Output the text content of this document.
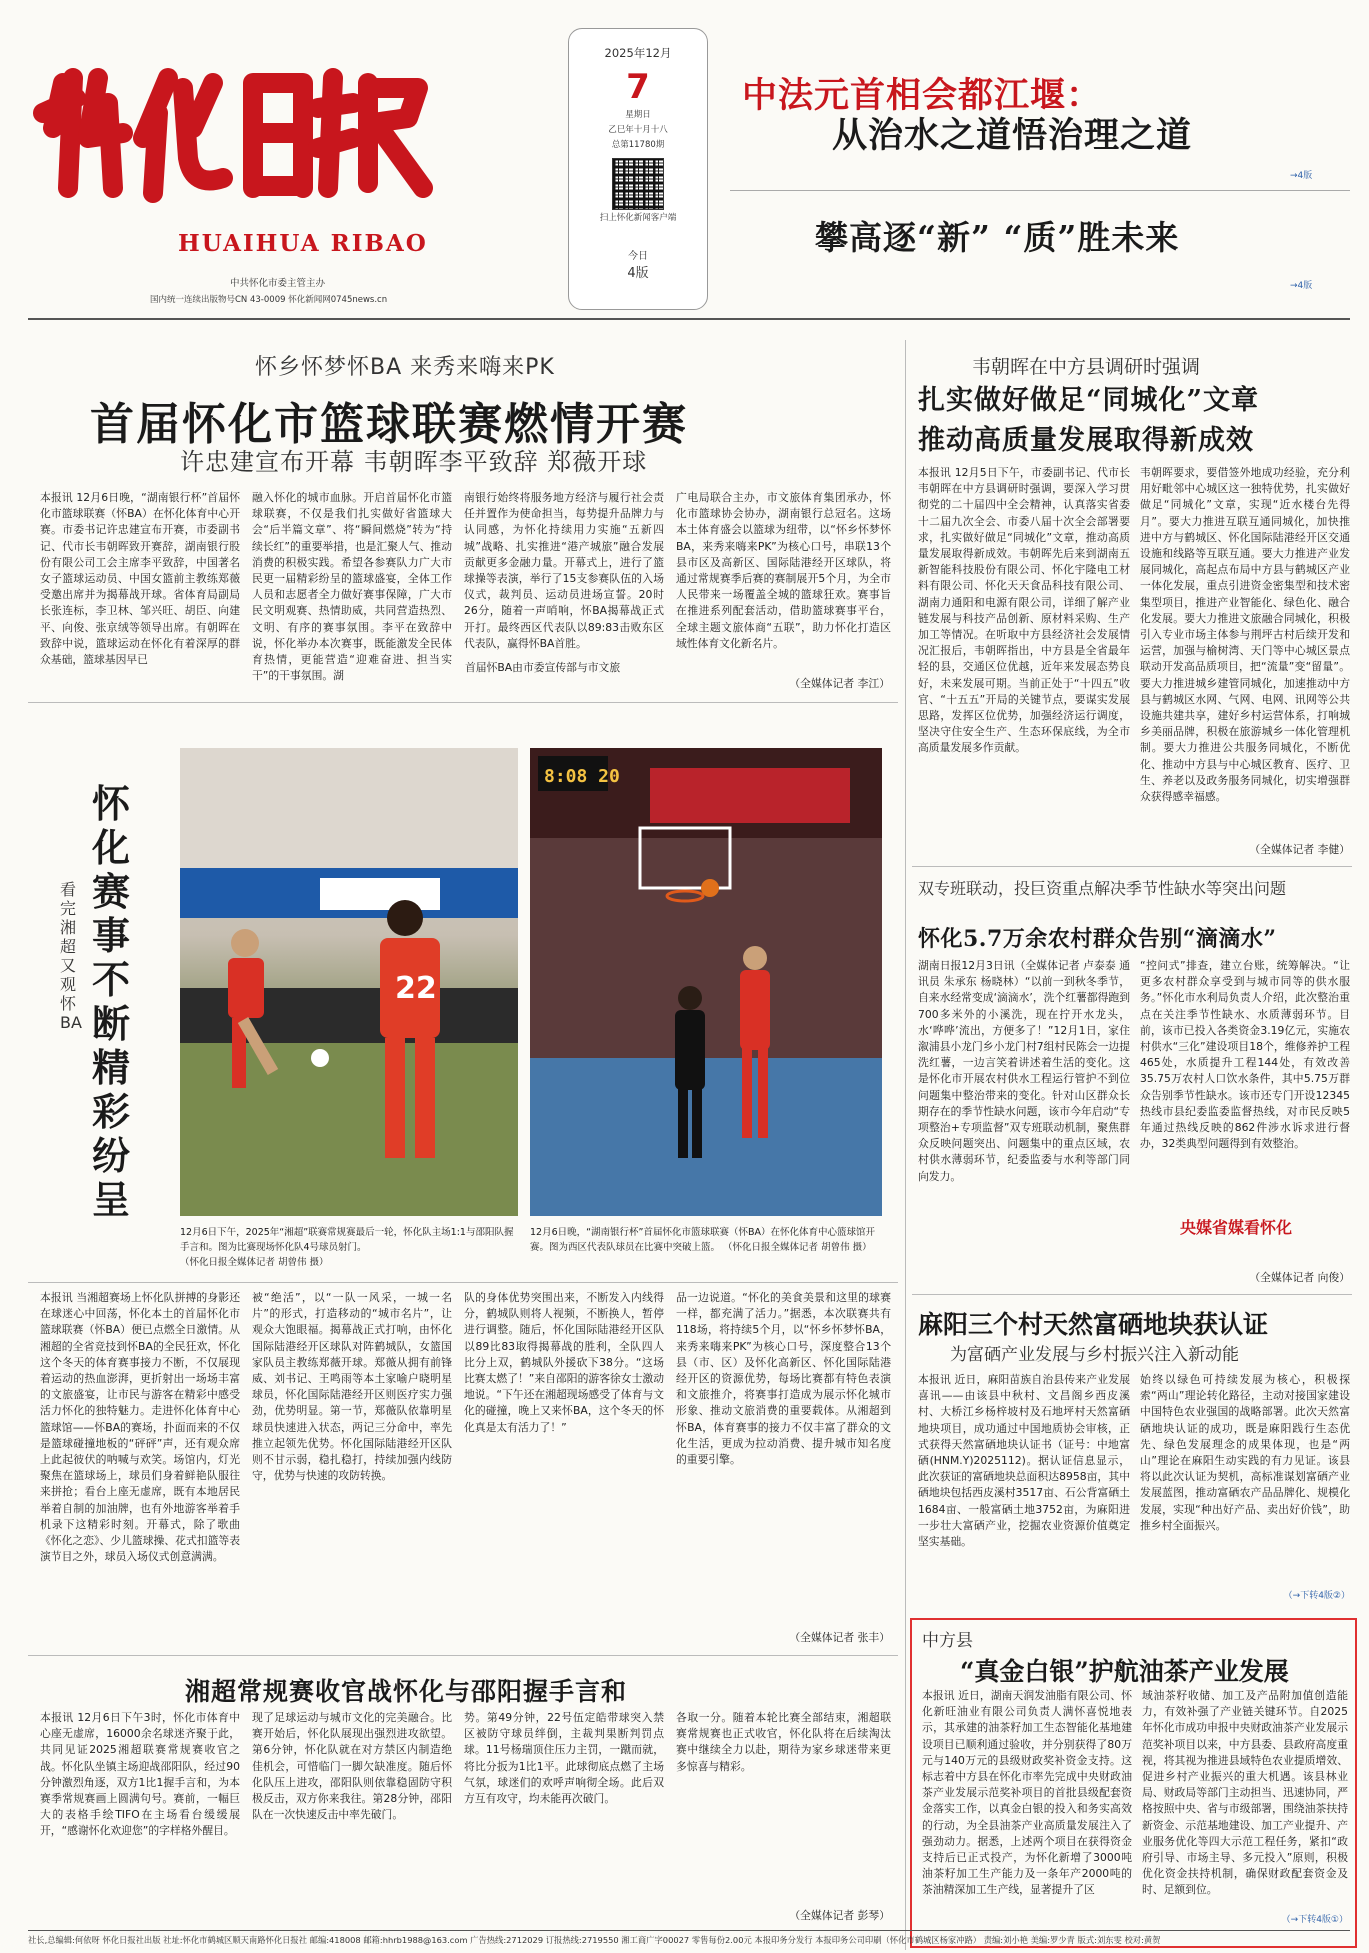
HUAIHUA RIBAO
中共怀化市委主管主办
国内统一连续出版物号CN 43-0009 怀化新闻网0745news.cn
2025年12月
7
星期日
乙巳年十月十八
总第11780期
扫上怀化新闻客户端
今日
4版
中法元首相会都江堰：
从治水之道悟治理之道
→4版
攀高逐“新” “质”胜未来
→4版
怀乡怀梦怀BA 来秀来嗨来PK
首届怀化市篮球联赛燃情开赛
许忠建宣布开幕 韦朝晖李平致辞 郑薇开球
本报讯 12月6日晚，“湖南银行杯”首届怀化市篮球联赛（怀BA）在怀化体育中心开赛。市委书记许忠建宣布开赛，市委副书记、代市长韦朝晖致开赛辞，湖南银行股份有限公司工会主席李平致辞，中国著名女子篮球运动员、中国女篮前主教练郑薇受邀出席并为揭幕战开球。省体育局副局长张连标，李卫林、邹兴旺、胡臣、向建平、向俊、张京绒等领导出席。有朝晖在致辞中说，篮球运动在怀化有着深厚的群众基础，篮球基因早已
融入怀化的城市血脉。开启首届怀化市篮球联赛，不仅是我们扎实做好省篮球大会“后半篇文章”、将“瞬间燃烧”转为“持续长红”的重要举措，也是汇聚人气、推动消费的积极实践。希望各参赛队力广大市民更一届精彩纷呈的篮球盛宴，全体工作人员和志愿者全力做好赛事保障，广大市民文明观赛、热情助威，共同营造热烈、文明、有序的赛事氛围。李平在致辞中说，怀化举办本次赛事，既能激发全民体育热情，更能营造“迎难奋进、担当实干”的干事氛围。湖
南银行始终将服务地方经济与履行社会责任并置作为使命担当，每势提升品牌力与认同感，为怀化持续用力实施“五新四城”战略、扎实推进“港产城旅”融合发展贡献更多金融力量。开幕式上，进行了篮球操等表演，举行了15支参赛队伍的入场仪式，裁判员、运动员进场宣誓。20时26分，随着一声哨响，怀BA揭幕战正式开打。最终西区代表队以89:83击败东区代表队，赢得怀BA首胜。
首届怀BA由市委宣传部与市文旅
广电局联合主办，市文旅体育集团承办，怀化市篮球协会协办，湖南银行总冠名。这场本土体育盛会以篮球为纽带，以“怀乡怀梦怀BA，来秀来嗨来PK”为核心口号，串联13个县市区及高新区、国际陆港经开区球队，将通过常规赛季后赛的赛制展开5个月，为全市人民带来一场覆盖全城的篮球狂欢。赛事旨在推进系列配套活动，借助篮球赛事平台，全球主题文旅体商“五联”，助力怀化打造区域性体育文化新名片。
（全媒体记者 李江）
韦朝晖在中方县调研时强调
扎实做好做足“同城化”文章
推动高质量发展取得新成效
本报讯 12月5日下午，市委副书记、代市长韦朝晖在中方县调研时强调，要深入学习贯彻党的二十届四中全会精神，认真落实省委十二届九次全会、市委八届十次全会部署要求，扎实做好做足“同城化”文章，推动高质量发展取得新成效。韦朝晖先后来到湖南五新智能科技股份有限公司、怀化宇隆电工材料有限公司、怀化天天食品科技有限公司、湖南力通阳和电源有限公司，详细了解产业链发展与科技产品创新、原材料采购、生产加工等情况。在听取中方县经济社会发展情况汇报后，韦朝晖指出，中方县是全省最年轻的县，交通区位优越，近年来发展态势良好，未来发展可期。当前正处于“十四五”收官、“十五五”开局的关键节点，要谋实发展思路，发挥区位优势，加强经济运行调度，坚决守住安全生产、生态环保底线，为全市高质量发展多作贡献。
韦朝晖要求，要借签外地成功经验，充分利用好毗邻中心城区这一独特优势，扎实做好做足“同城化”文章，实现“近水楼台先得月”。要大力推进互联互通同城化，加快推进中方与鹤城区、怀化国际陆港经开区交通设施和线路等互联互通。要大力推进产业发展同城化，高起点布局中方县与鹤城区产业一体化发展，重点引进资金密集型和技术密集型项目，推进产业智能化、绿色化、融合化发展。要大力推进文旅融合同城化，积极引入专业市场主体参与荆坪古村后续开发和运营，加强与榆树湾、天门等中心城区景点联动开发高品质项目，把“流量”变“留量”。要大力推进城乡建管同城化，加速推动中方县与鹤城区水网、气网、电网、讯网等公共设施共建共享，建好乡村运营体系，打响城乡美丽品牌，积极在旅游城乡一体化管理机制。要大力推进公共服务同城化，不断优化、推动中方县与中心城区教育、医疗、卫生、养老以及政务服务同城化，切实增强群众获得感幸福感。
（全媒体记者 李健）
双专班联动，投巨资重点解决季节性缺水等突出问题
怀化5.7万余农村群众告别“滴滴水”
湖南日报12月3日讯（全媒体记者 卢泰泰 通讯员 朱承东 杨晓林）“以前一到秋冬季节，自来水经常变成‘滴滴水’，洗个红薯都得跑到700多米外的小溪洗，现在拧开水龙头，水‘哗哗’流出，方便多了！”12月1日，家住溆浦县小龙门乡小龙门村7组村民陈会一边提洗红薯，一边言笑着讲述着生活的变化。这是怀化市开展农村供水工程运行管护不到位问题集中整治带来的变化。针对山区群众长期存在的季节性缺水问题，该市今年启动“专项整治+专项监督”双专班联动机制，聚焦群众反映问题突出、问题集中的重点区域，农村供水薄弱环节，纪委监委与水利等部门同向发力。
“控问式”排查，建立台账，统筹解决。“让更多农村群众享受到与城市同等的供水服务。”怀化市水利局负责人介绍，此次整治重点在关注季节性缺水、水质薄弱环节。目前，该市已投入各类资金3.19亿元，实施农村供水“三化”建设项目18个，维修养护工程465处，水质提升工程144处，有效改善35.75万农村人口饮水条件，其中5.75万群众告别季节性缺水。该市还专门开设12345热线市县纪委监委监督热线，对市民反映5年通过热线反映的862件涉水诉求进行督办，32类典型问题得到有效整治。
央媒省媒看怀化
（全媒体记者 向俊）
麻阳三个村天然富硒地块获认证
为富硒产业发展与乡村振兴注入新动能
本报讯 近日，麻阳苗族自治县传来产业发展喜讯——由该县中秋村、文昌阁乡西皮溪村、大桥江乡杨梓坡村及石地坪村天然富硒地块项目，成功通过中国地质协会审核，正式获得天然富硒地块认证书（证号：中地富硒(HNM.Y)2025112)。据认证信息显示，此次获证的富硒地块总面积达8958亩，其中硒地块包括西皮溪村3517亩、石公背富硒土1684亩、一般富硒土地3752亩，为麻阳进一步壮大富硒产业，挖掘农业资源价值奠定坚实基础。
始终以绿色可持续发展为核心，积极探索“两山”理论转化路径，主动对接国家建设中国特色农业强国的战略部署。此次天然富硒地块认证的成功，既是麻阳践行生态优先、绿色发展理念的成果体现，也是“两山”理论在麻阳生动实践的有力见证。该县将以此次认证为契机，高标准谋划富硒产业发展蓝图，推动富硒农产品品牌化、规模化发展，实现“种出好产品、卖出好价钱”，助推乡村全面振兴。
（→下转4版②）
中方县
“真金白银”护航油茶产业发展
本报讯 近日，湖南天润发油脂有限公司、怀化新旺油业有限公司负责人满怀喜悦地表示，其承建的油茶籽加工生态智能化基地建设项目已顺利通过验收，并分别获得了80万元与140万元的县级财政奖补资金支持。这标志着中方县在怀化市率先完成中央财政油茶产业发展示范奖补项目的首批县级配套资金落实工作，以真金白银的投入和务实高效的行动，为全县油茶产业高质量发展注入了强劲动力。据悉，上述两个项目在获得资金支持后已正式投产，为怀化新增了3000吨油茶籽加工生产能力及一条年产2000吨的茶油精深加工生产线，显著提升了区
域油茶籽收储、加工及产品附加值创造能力，有效补强了产业链关键环节。自2025年怀化市成功申报中央财政油茶产业发展示范奖补项目以来，中方县委、县政府高度重视，将其视为推进县域特色农业提质增效、促进乡村产业振兴的重大机遇。该县林业局、财政局等部门主动担当、迅速协同，严格按照中央、省与市级部署，围绕油茶扶持新资金、示范基地建设、加工产业提升、产业服务优化等四大示范工程任务，紧扣“政府引导、市场主导、多元投入”原则，积极优化资金扶持机制，确保财政配套资金及时、足额到位。
（→下转4版①）
怀化赛事不断精彩纷呈
看完湘超又观怀BA
22
8:08 20
12月6日下午，2025年“湘超”联赛常规赛最后一轮，怀化队主场1:1与邵阳队握手言和。图为比赛现场怀化队4号球员射门。 （怀化日报全媒体记者 胡曾伟 摄）
12月6日晚，“湖南银行杯”首届怀化市篮球联赛（怀BA）在怀化体育中心篮球馆开赛。图为西区代表队球员在比赛中突破上篮。 （怀化日报全媒体记者 胡曾伟 摄）
本报讯 当湘超赛场上怀化队拼搏的身影还在球迷心中回荡，怀化本土的首届怀化市篮球联赛（怀BA）便已点燃全日激情。从湘超的全省竞技到怀BA的全民狂欢，怀化这个冬天的体育赛事接力不断，不仅展现着运动的热血澎湃，更折射出一场场丰富的文旅盛宴，让市民与游客在精彩中感受活力怀化的独特魅力。走进怀化体育中心篮球馆——怀BA的赛场，扑面而来的不仅是篮球碰撞地板的“砰砰”声，还有观众席上此起彼伏的呐喊与欢笑。场馆内，灯光聚焦在篮球场上，球员们身着鲜艳队服往来拼抢；看台上座无虚席，既有本地居民举着自制的加油牌，也有外地游客举着手机录下这精彩时刻。开幕式，除了歌曲《怀化之恋》、少儿篮球操、花式扣篮等表演节目之外，球员入场仪式创意满满。
被“绝活”，以“一队一风采，一城一名片”的形式，打造移动的“城市名片”，让观众大饱眼福。揭幕战正式打响，由怀化国际陆港经开区球队对阵鹤城队，女篮国家队员主教练郑薇开球。郑薇从拥有前锋威、刘书记、王鸣雨等本土家喻户晓明星球员，怀化国际陆港经开区则医疗实力强劲，优势明显。第一节，郑薇队依靠明星球员快速进入状态，两记三分命中，率先推立起领先优势。怀化国际陆港经开区队则不甘示弱，稳扎稳打，持续加强内线防守，优势与快速的攻防转换。
队的身体优势突围出来，不断发入内线得分，鹤城队则将人视频，不断换人，暂停进行调整。随后，怀化国际陆港经开区队以89比83取得揭幕战的胜利，全队四人比分上双，鹤城队外援砍下38分。“这场比赛太燃了！”来自邵阳的游客徐女士激动地说。“下午还在湘超现场感受了体育与文化的碰撞，晚上又来怀BA，这个冬天的怀化真是太有活力了！”
品一边说道。“怀化的美食美景和这里的球赛一样，都充满了活力。”据悉，本次联赛共有118场，将持续5个月，以“怀乡怀梦怀BA，来秀来嗨来PK”为核心口号，深度整合13个县（市、区）及怀化高新区、怀化国际陆港经开区的资源优势，每场比赛都有特色表演和文旅推介，将赛事打造成为展示怀化城市形象、推动文旅消费的重要载体。从湘超到怀BA，体育赛事的接力不仅丰富了群众的文化生活，更成为拉动消费、提升城市知名度的重要引擎。
（全媒体记者 张丰）
湘超常规赛收官战怀化与邵阳握手言和
本报讯 12月6日下午3时，怀化市体育中心座无虚席，16000余名球迷齐聚于此，共同见证2025湘超联赛常规赛收官之战。怀化队坐镇主场迎战邵阳队，经过90分钟激烈角逐，双方1比1握手言和，为本赛季常规赛画上圆满句号。赛前，一幅巨大的表格手绘TIFO在主场看台缓缓展开，“感谢怀化欢迎您”的字样格外醒目。
现了足球运动与城市文化的完美融合。比赛开始后，怀化队展现出强烈进攻欲望。第6分钟，怀化队就在对方禁区内制造绝佳机会，可惜临门一脚欠缺准度。随后怀化队压上进攻，邵阳队则依靠稳固防守积极反击，双方你来我往。第28分钟，邵阳队在一次快速反击中率先破门。
势。第49分钟，22号伍定皓带球突入禁区被防守球员绊倒，主裁判果断判罚点球。11号杨瑞顶住压力主罚，一蹴而就，将比分扳为1比1平。此球彻底点燃了主场气氛，球迷们的欢呼声响彻全场。此后双方互有攻守，均未能再次破门。
各取一分。随着本轮比赛全部结束，湘超联赛常规赛也正式收官，怀化队将在后续淘汰赛中继续全力以赴，期待为家乡球迷带来更多惊喜与精彩。
（全媒体记者 彭琴）
社长,总编辑:何依呀 怀化日报社出版 社址:怀化市鹤城区顺天南路怀化日报社 邮编:418008 邮箱:hhrb1988@163.com 广告热线:2712029 订报热线:2719550 湘工商广字00027 零售每份2.00元 本报印务分发行 本报印务公司印刷（怀化市鹤城区杨家冲路） 责编:刘小艳 美编:罗少青 版式:刘东雯 校对:黄贺
